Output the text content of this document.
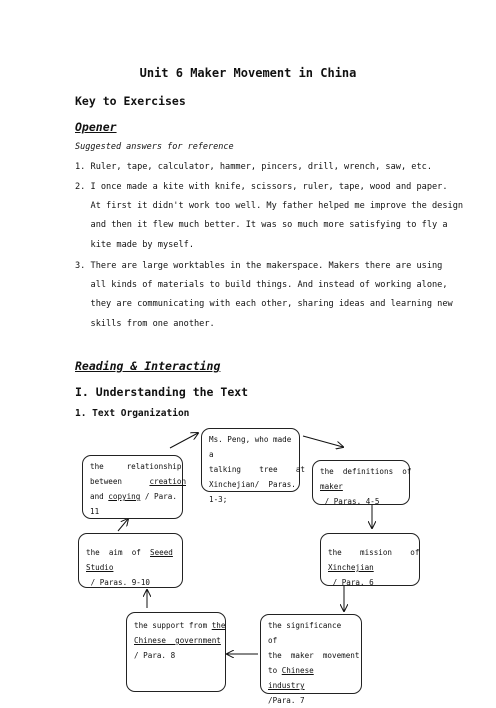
Unit 6 Maker Movement in China
Key to Exercises
Opener
Suggested answers for reference
1. Ruler, tape, calculator, hammer, pincers, drill, wrench, saw, etc.
2. I once made a kite with knife, scissors, ruler, tape, wood and paper.
At first it didn't work too well. My father helped me improve the design
and then it flew much better. It was so much more satisfying to fly a
kite made by myself.
3. There are large worktables in the makerspace. Makers there are using
all kinds of materials to build things. And instead of working alone,
they are communicating with each other, sharing ideas and learning new
skills from one another.
Reading & Interacting
I. Understanding the Text
1. Text Organization
Ms. Peng, who made a
talking    tree    at
Xinchejian/  Paras.
1-3;
the     relationship
between      creation
and copying / Para.
11
the  definitions  of
maker / Paras. 4-5
the  aim  of  Seeed
Studio / Paras. 9-10
the    mission    of
Xinchejian / Para. 6
the support from the
Chinese  government
/ Para. 8
the significance of
the  maker  movement
to Chinese industry
/Para. 7
